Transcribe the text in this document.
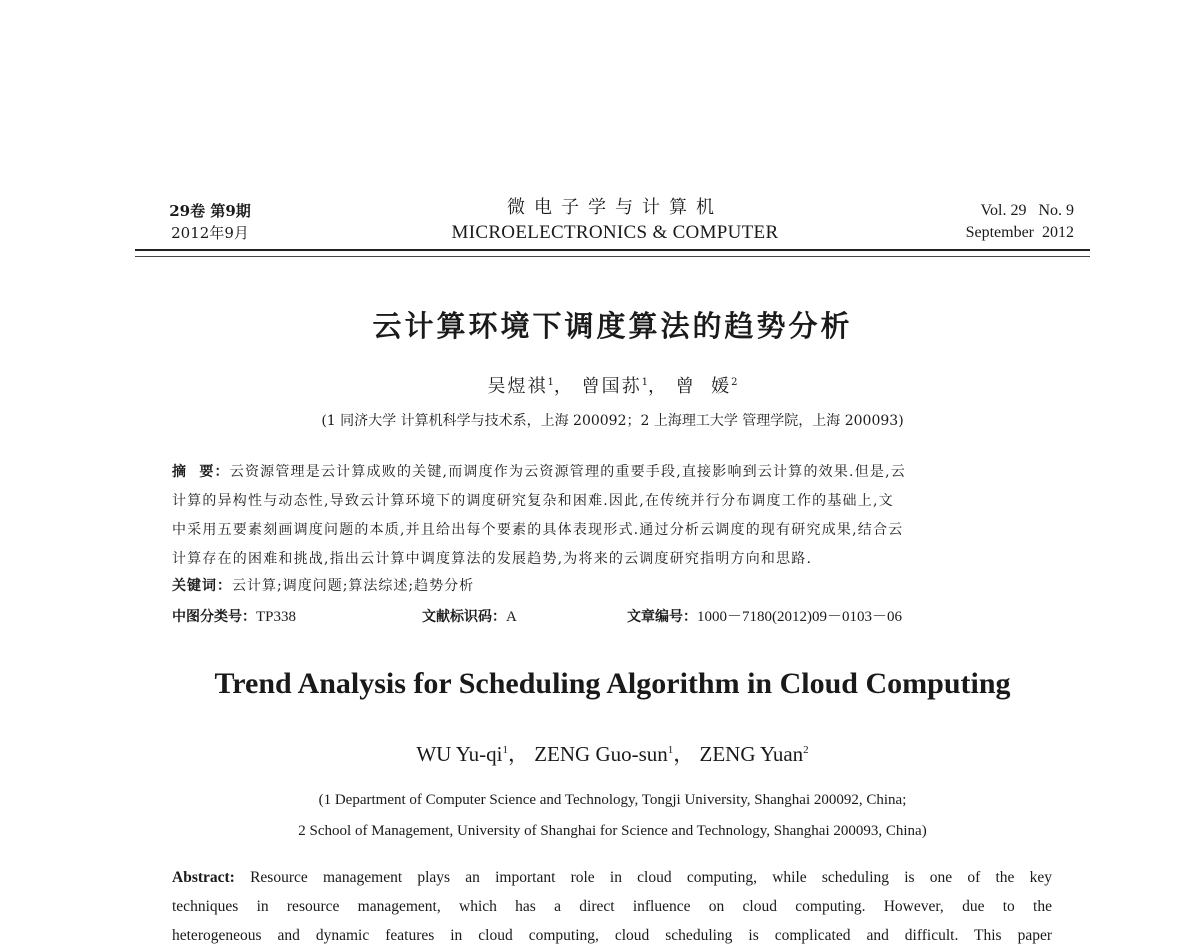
29卷 第9期
2012年9月
微电子学与计算机
MICROELECTRONICS & COMPUTER
Vol. 29   No. 9
September  2012
云计算环境下调度算法的趋势分析
吴煜祺$^1$， 曾国荪$^1$， 曾  媛$^2$
(1 同济大学 计算机科学与技术系，上海 200092；2 上海理工大学 管理学院，上海 200093)
摘  要：云资源管理是云计算成败的关键,而调度作为云资源管理的重要手段,直接影响到云计算的效果.但是,云
计算的异构性与动态性,导致云计算环境下的调度研究复杂和困难.因此,在传统并行分布调度工作的基础上,文
中采用五要素刻画调度问题的本质,并且给出每个要素的具体表现形式.通过分析云调度的现有研究成果,结合云
计算存在的困难和挑战,指出云计算中调度算法的发展趋势,为将来的云调度研究指明方向和思路.
关键词：云计算;调度问题;算法综述;趋势分析
中图分类号：TP338	文献标识码：A	文章编号：1000－7180(2012)09－0103－06
Trend Analysis for Scheduling Algorithm in Cloud Computing
WU $Yu-qi^1$， ZENG Guo-sun$^1$， ZENG Yuan$^2$
(1 Department of Computer Science and Technology, Tongji University, Shanghai 200092, China;
2 School of Management, University of Shanghai for Science and Technology, Shanghai 200093, China)
Abstract: Resource management plays an important role in cloud computing, while scheduling is one of the key
techniques in resource management, which has a direct influence on cloud computing. However, due to the
heterogeneous and dynamic features in cloud computing, cloud scheduling is complicated and difficult. This paper
